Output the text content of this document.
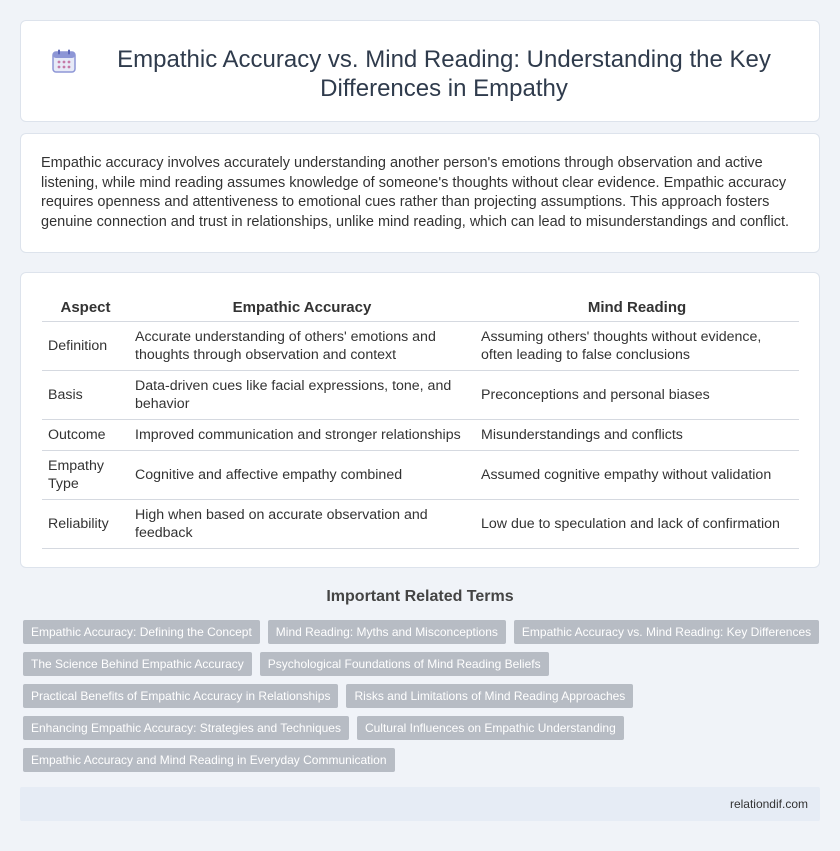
Empathic Accuracy vs. Mind Reading: Understanding the Key Differences in Empathy

Empathic accuracy involves accurately understanding another person's emotions through observation and active listening, while mind reading assumes knowledge of someone's thoughts without clear evidence. Empathic accuracy requires openness and attentiveness to emotional cues rather than projecting assumptions. This approach fosters genuine connection and trust in relationships, unlike mind reading, which can lead to misunderstandings and conflict.

Aspect	Empathic Accuracy	Mind Reading
Definition	Accurate understanding of others' emotions and thoughts through observation and context	Assuming others' thoughts without evidence, often leading to false conclusions
Basis	Data-driven cues like facial expressions, tone, and behavior	Preconceptions and personal biases
Outcome	Improved communication and stronger relationships	Misunderstandings and conflicts
Empathy Type	Cognitive and affective empathy combined	Assumed cognitive empathy without validation
Reliability	High when based on accurate observation and feedback	Low due to speculation and lack of confirmation
Important Related Terms
Empathic Accuracy: Defining the Concept	Mind Reading: Myths and Misconceptions	Empathic Accuracy vs. Mind Reading: Key Differences
The Science Behind Empathic Accuracy	Psychological Foundations of Mind Reading Beliefs
Practical Benefits of Empathic Accuracy in Relationships	Risks and Limitations of Mind Reading Approaches
Enhancing Empathic Accuracy: Strategies and Techniques	Cultural Influences on Empathic Understanding
Empathic Accuracy and Mind Reading in Everyday Communication
relationdif.com
